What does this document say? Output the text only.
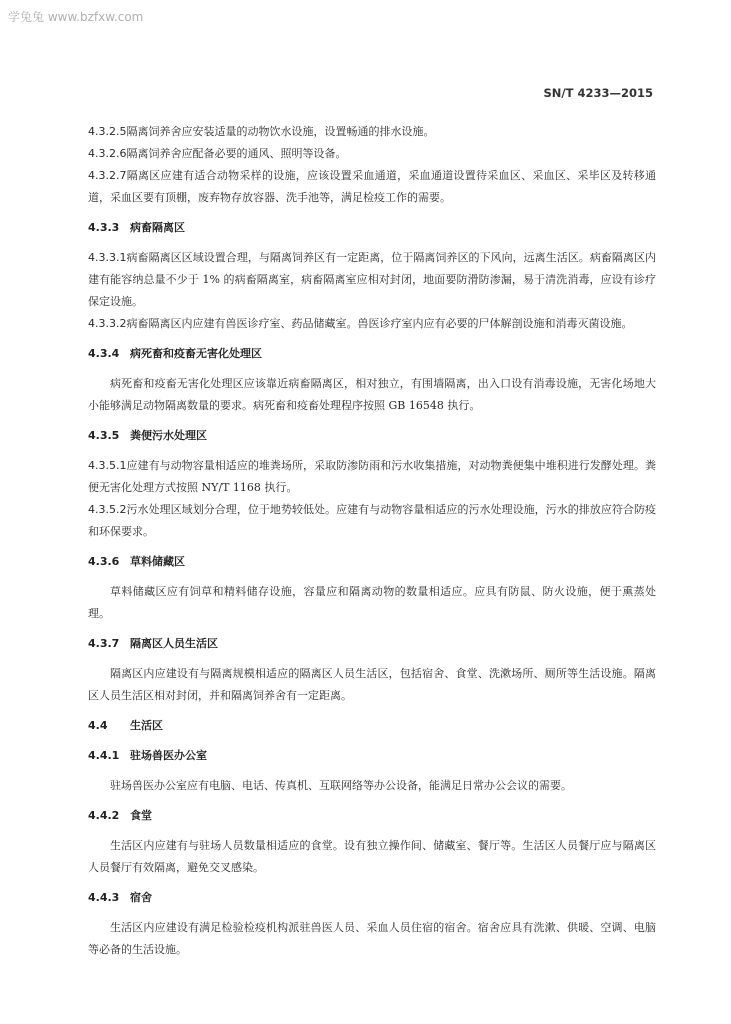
学兔兔 www.bzfxw.com
SN/T 4233—2015
4.3.2.5隔离饲养舍应安装适量的动物饮水设施，设置畅通的排水设施。
4.3.2.6隔离饲养舍应配备必要的通风、照明等设备。
4.3.2.7隔离区应建有适合动物采样的设施，应该设置采血通道，采血通道设置待采血区、采血区、采毕区及转移通道，采血区要有顶棚，废弃物存放容器、洗手池等，满足检疫工作的需要。
4.3.3 病畜隔离区
4.3.3.1病畜隔离区区域设置合理，与隔离饲养区有一定距离，位于隔离饲养区的下风向，远离生活区。病畜隔离区内建有能容纳总量不少于 1% 的病畜隔离室，病畜隔离室应相对封闭，地面要防滑防渗漏，易于清洗消毒，应设有诊疗保定设施。
4.3.3.2病畜隔离区内应建有兽医诊疗室、药品储藏室。兽医诊疗室内应有必要的尸体解剖设施和消毒灭菌设施。
4.3.4 病死畜和疫畜无害化处理区
病死畜和疫畜无害化处理区应该靠近病畜隔离区，相对独立，有围墙隔离，出入口设有消毒设施，无害化场地大小能够满足动物隔离数量的要求。病死畜和疫畜处理程序按照 GB 16548 执行。
4.3.5 粪便污水处理区
4.3.5.1应建有与动物容量相适应的堆粪场所，采取防渗防雨和污水收集措施，对动物粪便集中堆积进行发酵处理。粪便无害化处理方式按照 NY/T 1168 执行。
4.3.5.2污水处理区域划分合理，位于地势较低处。应建有与动物容量相适应的污水处理设施，污水的排放应符合防疫和环保要求。
4.3.6 草料储藏区
草料储藏区应有饲草和精料储存设施，容量应和隔离动物的数量相适应。应具有防鼠、防火设施，便于熏蒸处理。
4.3.7 隔离区人员生活区
隔离区内应建设有与隔离规模相适应的隔离区人员生活区，包括宿舍、食堂、洗漱场所、厕所等生活设施。隔离区人员生活区相对封闭，并和隔离饲养舍有一定距离。
4.4 生活区
4.4.1 驻场兽医办公室
驻场兽医办公室应有电脑、电话、传真机、互联网络等办公设备，能满足日常办公会议的需要。
4.4.2 食堂
生活区内应建有与驻场人员数量相适应的食堂。设有独立操作间、储藏室、餐厅等。生活区人员餐厅应与隔离区人员餐厅有效隔离，避免交叉感染。
4.4.3 宿舍
生活区内应建设有满足检验检疫机构派驻兽医人员、采血人员住宿的宿舍。宿舍应具有洗漱、供暖、空调、电脑等必备的生活设施。
